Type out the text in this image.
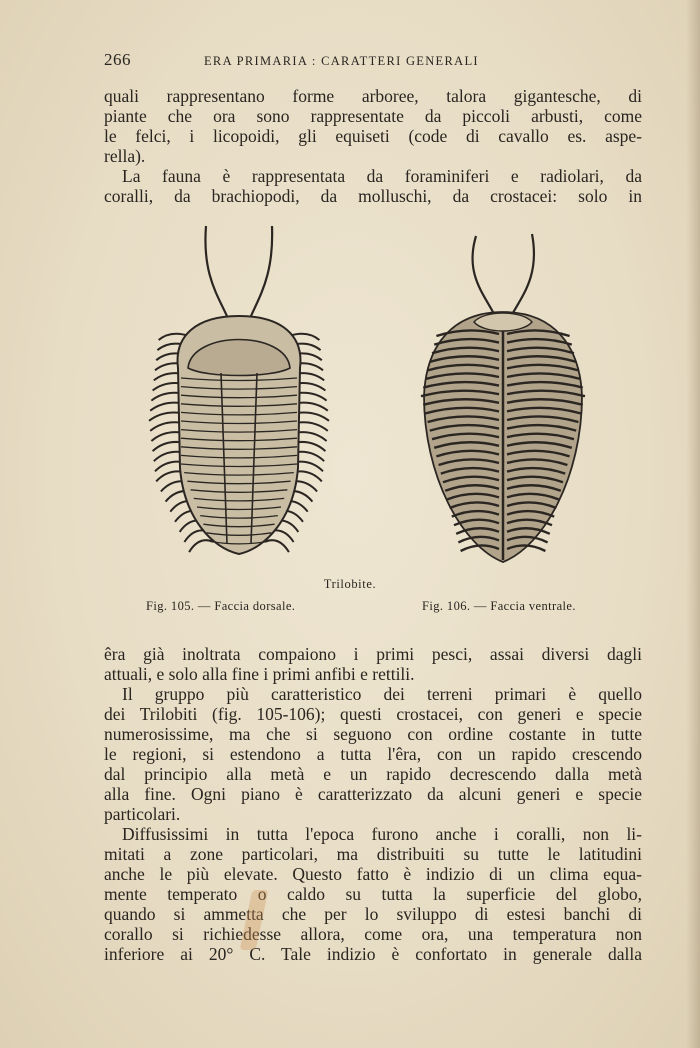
266	ERA PRIMARIA : CARATTERI GENERALI
quali rappresentano forme arboree, talora gigantesche, di
piante che ora sono rappresentate da piccoli arbusti, come
le felci, i licopoidi, gli equiseti (code di cavallo es. aspe-
rella).
La fauna è rappresentata da foraminiferi e radiolari, da
coralli, da brachiopodi, da molluschi, da crostacei: solo in
Trilobite.
Fig. 105. — Faccia dorsale.	Fig. 106. — Faccia ventrale.
êra già inoltrata compaiono i primi pesci, assai diversi dagli
attuali, e solo alla fine i primi anfibi e rettili.
Il gruppo più caratteristico dei terreni primari è quello
dei Trilobiti (fig. 105-106); questi crostacei, con generi e specie
numerosissime, ma che si seguono con ordine costante in tutte
le regioni, si estendono a tutta l'êra, con un rapido crescendo
dal principio alla metà e un rapido decrescendo dalla metà
alla fine. Ogni piano è caratterizzato da alcuni generi e specie
particolari.
Diffusissimi in tutta l'epoca furono anche i coralli, non li-
mitati a zone particolari, ma distribuiti su tutte le latitudini
anche le più elevate. Questo fatto è indizio di un clima equa-
mente temperato o caldo su tutta la superficie del globo,
quando si ammetta che per lo sviluppo di estesi banchi di
corallo si richiedesse allora, come ora, una temperatura non
inferiore ai 20° C. Tale indizio è confortato in generale dalla
